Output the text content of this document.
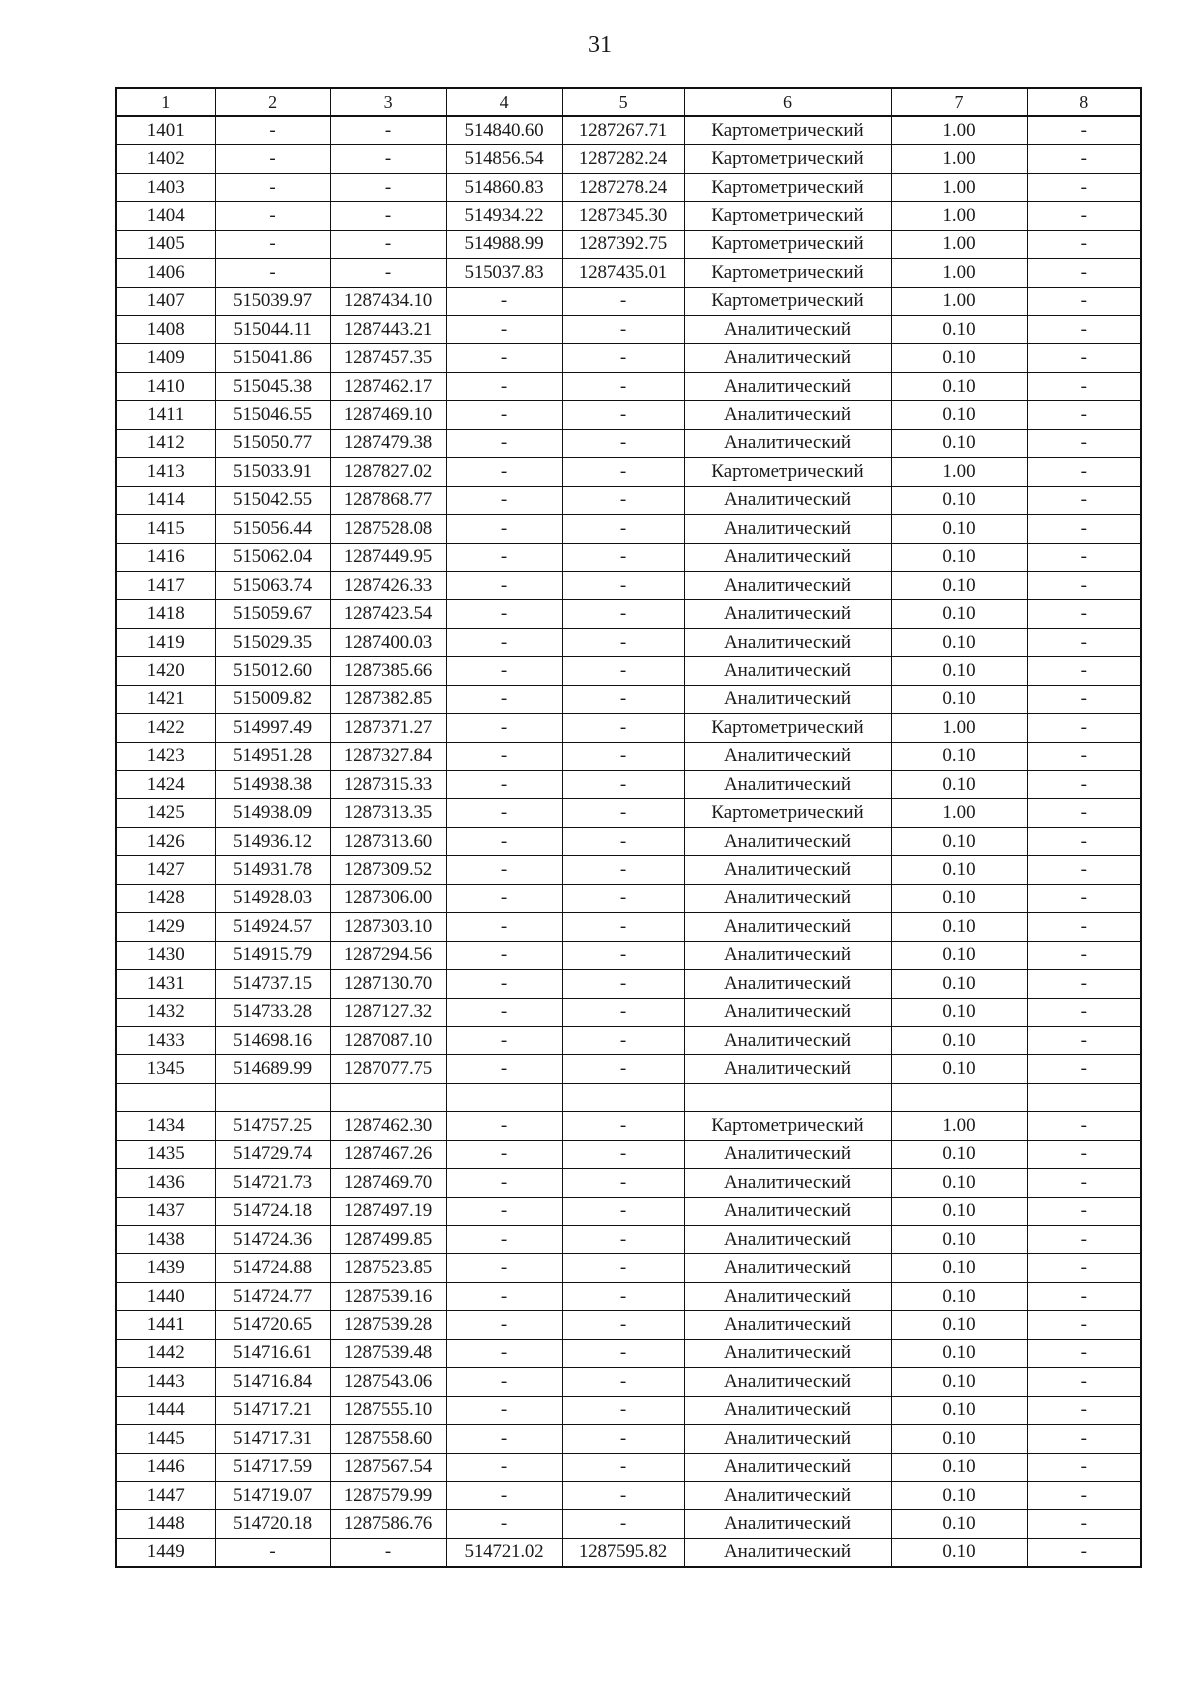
31
1	2	3	4	5	6	7	8
1401	-	-	514840.60	1287267.71	Картометрический	1.00	-
1402	-	-	514856.54	1287282.24	Картометрический	1.00	-
1403	-	-	514860.83	1287278.24	Картометрический	1.00	-
1404	-	-	514934.22	1287345.30	Картометрический	1.00	-
1405	-	-	514988.99	1287392.75	Картометрический	1.00	-
1406	-	-	515037.83	1287435.01	Картометрический	1.00	-
1407	515039.97	1287434.10	-	-	Картометрический	1.00	-
1408	515044.11	1287443.21	-	-	Аналитический	0.10	-
1409	515041.86	1287457.35	-	-	Аналитический	0.10	-
1410	515045.38	1287462.17	-	-	Аналитический	0.10	-
1411	515046.55	1287469.10	-	-	Аналитический	0.10	-
1412	515050.77	1287479.38	-	-	Аналитический	0.10	-
1413	515033.91	1287827.02	-	-	Картометрический	1.00	-
1414	515042.55	1287868.77	-	-	Аналитический	0.10	-
1415	515056.44	1287528.08	-	-	Аналитический	0.10	-
1416	515062.04	1287449.95	-	-	Аналитический	0.10	-
1417	515063.74	1287426.33	-	-	Аналитический	0.10	-
1418	515059.67	1287423.54	-	-	Аналитический	0.10	-
1419	515029.35	1287400.03	-	-	Аналитический	0.10	-
1420	515012.60	1287385.66	-	-	Аналитический	0.10	-
1421	515009.82	1287382.85	-	-	Аналитический	0.10	-
1422	514997.49	1287371.27	-	-	Картометрический	1.00	-
1423	514951.28	1287327.84	-	-	Аналитический	0.10	-
1424	514938.38	1287315.33	-	-	Аналитический	0.10	-
1425	514938.09	1287313.35	-	-	Картометрический	1.00	-
1426	514936.12	1287313.60	-	-	Аналитический	0.10	-
1427	514931.78	1287309.52	-	-	Аналитический	0.10	-
1428	514928.03	1287306.00	-	-	Аналитический	0.10	-
1429	514924.57	1287303.10	-	-	Аналитический	0.10	-
1430	514915.79	1287294.56	-	-	Аналитический	0.10	-
1431	514737.15	1287130.70	-	-	Аналитический	0.10	-
1432	514733.28	1287127.32	-	-	Аналитический	0.10	-
1433	514698.16	1287087.10	-	-	Аналитический	0.10	-
1345	514689.99	1287077.75	-	-	Аналитический	0.10	-

1434	514757.25	1287462.30	-	-	Картометрический	1.00	-
1435	514729.74	1287467.26	-	-	Аналитический	0.10	-
1436	514721.73	1287469.70	-	-	Аналитический	0.10	-
1437	514724.18	1287497.19	-	-	Аналитический	0.10	-
1438	514724.36	1287499.85	-	-	Аналитический	0.10	-
1439	514724.88	1287523.85	-	-	Аналитический	0.10	-
1440	514724.77	1287539.16	-	-	Аналитический	0.10	-
1441	514720.65	1287539.28	-	-	Аналитический	0.10	-
1442	514716.61	1287539.48	-	-	Аналитический	0.10	-
1443	514716.84	1287543.06	-	-	Аналитический	0.10	-
1444	514717.21	1287555.10	-	-	Аналитический	0.10	-
1445	514717.31	1287558.60	-	-	Аналитический	0.10	-
1446	514717.59	1287567.54	-	-	Аналитический	0.10	-
1447	514719.07	1287579.99	-	-	Аналитический	0.10	-
1448	514720.18	1287586.76	-	-	Аналитический	0.10	-
1449	-	-	514721.02	1287595.82	Аналитический	0.10	-
